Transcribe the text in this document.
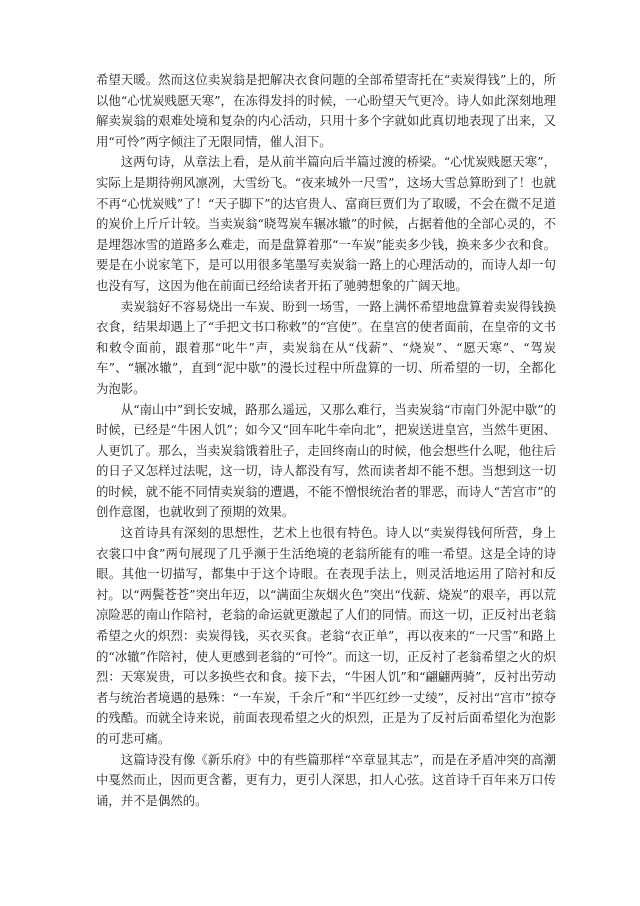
希望天暖。然而这位卖炭翁是把解决衣食问题的全部希望寄托在“卖炭得钱”上的，所以他“心忧炭贱愿天寒”，在冻得发抖的时候，一心盼望天气更冷。诗人如此深刻地理解卖炭翁的艰难处境和复杂的内心活动，只用十多个字就如此真切地表现了出来，又用“可怜”两字倾注了无限同情，催人泪下。

这两句诗，从章法上看，是从前半篇向后半篇过渡的桥梁。“心忧炭贱愿天寒”，实际上是期待朔风凛冽，大雪纷飞。“夜来城外一尺雪”，这场大雪总算盼到了！也就不再“心忧炭贱”了！“天子脚下”的达官贵人、富商巨贾们为了取暖，不会在微不足道的炭价上斤斤计较。当卖炭翁“晓驾炭车辗冰辙”的时候，占据着他的全部心灵的，不是埋怨冰雪的道路多么难走，而是盘算着那“一车炭”能卖多少钱，换来多少衣和食。要是在小说家笔下，是可以用很多笔墨写卖炭翁一路上的心理活动的，而诗人却一句也没有写，这因为他在前面已经给读者开拓了驰骋想象的广阔天地。

卖炭翁好不容易烧出一车炭、盼到一场雪，一路上满怀希望地盘算着卖炭得钱换衣食，结果却遇上了“手把文书口称敕”的“宫使”。在皇宫的使者面前，在皇帝的文书和敕令面前，跟着那“叱牛”声，卖炭翁在从“伐薪”、“烧炭”、“愿天寒”、“驾炭车”、“辗冰辙”，直到“泥中歇”的漫长过程中所盘算的一切、所希望的一切，全都化为泡影。

从“南山中”到长安城，路那么遥远，又那么难行，当卖炭翁“市南门外泥中歇”的时候，已经是“牛困人饥”；如今又“回车叱牛牵向北”，把炭送进皇宫，当然牛更困、人更饥了。那么，当卖炭翁饿着肚子，走回终南山的时候，他会想些什么呢，他往后的日子又怎样过法呢，这一切，诗人都没有写，然而读者却不能不想。当想到这一切的时候，就不能不同情卖炭翁的遭遇，不能不憎恨统治者的罪恶，而诗人“苦宫市”的创作意图，也就收到了预期的效果。

这首诗具有深刻的思想性，艺术上也很有特色。诗人以“卖炭得钱何所营，身上衣裳口中食”两句展现了几乎濒于生活绝境的老翁所能有的唯一希望。这是全诗的诗眼。其他一切描写，都集中于这个诗眼。在表现手法上，则灵活地运用了陪衬和反衬。以“两鬓苍苍”突出年迈，以“满面尘灰烟火色”突出“伐薪、烧炭”的艰辛，再以荒凉险恶的南山作陪衬，老翁的命运就更激起了人们的同情。而这一切，正反衬出老翁希望之火的炽烈：卖炭得钱，买衣买食。老翁“衣正单”，再以夜来的“一尺雪”和路上的“冰辙”作陪衬，使人更感到老翁的“可怜”。而这一切，正反衬了老翁希望之火的炽烈：天寒炭贵，可以多换些衣和食。接下去，“牛困人饥”和“翩翩两骑”，反衬出劳动者与统治者境遇的悬殊：“一车炭，千余斤”和“半匹红纱一丈绫”，反衬出“宫市”掠夺的残酷。而就全诗来说，前面表现希望之火的炽烈，正是为了反衬后面希望化为泡影的可悲可痛。

这篇诗没有像《新乐府》中的有些篇那样“卒章显其志”，而是在矛盾冲突的高潮中戛然而止，因而更含蓄，更有力，更引人深思，扣人心弦。这首诗千百年来万口传诵，并不是偶然的。
